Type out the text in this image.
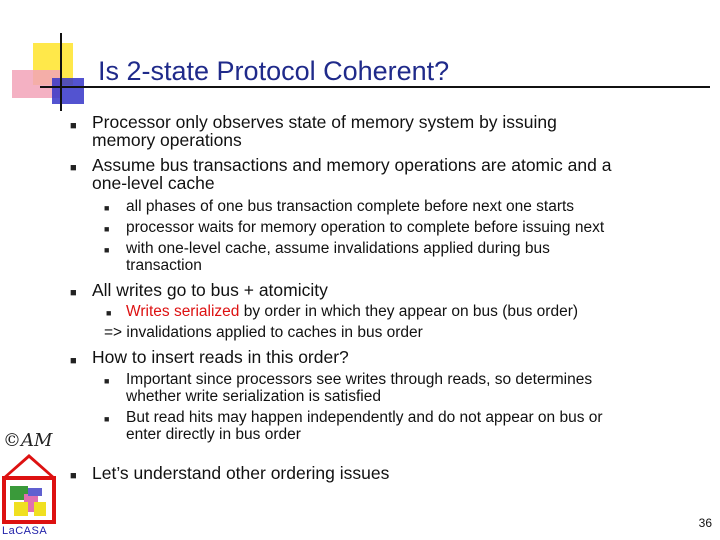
Is 2-state Protocol Coherent?
■ Processor only observes state of memory system by issuing
memory operations
■ Assume bus transactions and memory operations are atomic and a
one-level cache
■ all phases of one bus transaction complete before next one starts
■ processor waits for memory operation to complete before issuing next
■ with one-level cache, assume invalidations applied during bus
transaction
■ All writes go to bus + atomicity
■ Writes serialized by order in which they appear on bus (bus order)
=> invalidations applied to caches in bus order
■ How to insert reads in this order?
■ Important since processors see writes through reads, so determines
whether write serialization is satisfied
■ But read hits may happen independently and do not appear on bus or
enter directly in bus order
■ Let’s understand other ordering issues
©AM
LaCASA
36
